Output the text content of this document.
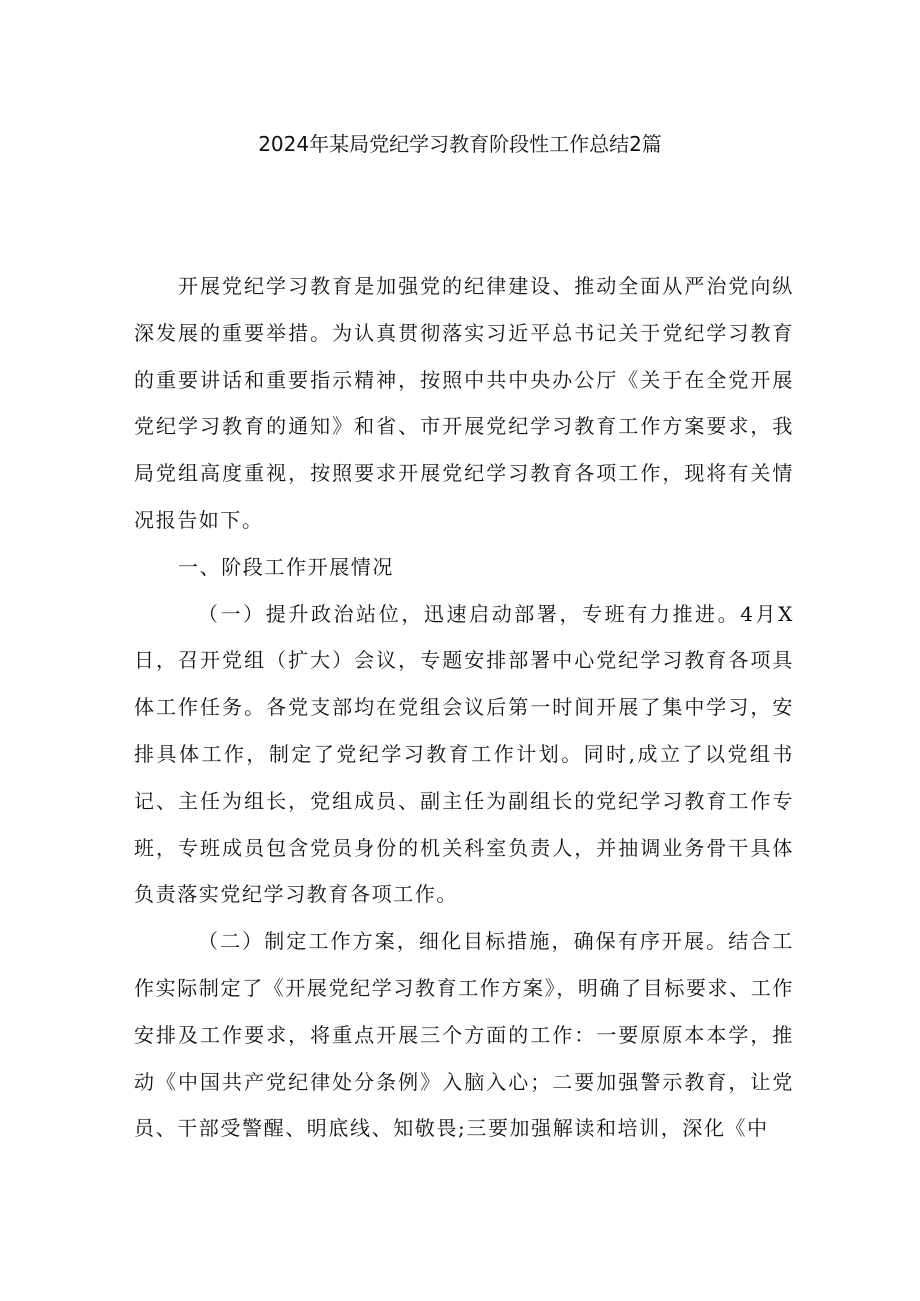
2024年某局党纪学习教育阶段性工作总结2篇

开展党纪学习教育是加强党的纪律建设、推动全面从严治党向纵深发展的重要举措。为认真贯彻落实习近平总书记关于党纪学习教育的重要讲话和重要指示精神，按照中共中央办公厅《关于在全党开展党纪学习教育的通知》和省、市开展党纪学习教育工作方案要求，我局党组高度重视，按照要求开展党纪学习教育各项工作，现将有关情况报告如下。

一、阶段工作开展情况

（一）提升政治站位，迅速启动部署，专班有力推进。4月X日，召开党组（扩大）会议，专题安排部署中心党纪学习教育各项具体工作任务。各党支部均在党组会议后第一时间开展了集中学习，安排具体工作，制定了党纪学习教育工作计划。同时,成立了以党组书记、主任为组长，党组成员、副主任为副组长的党纪学习教育工作专班，专班成员包含党员身份的机关科室负责人，并抽调业务骨干具体负责落实党纪学习教育各项工作。

（二）制定工作方案，细化目标措施，确保有序开展。结合工作实际制定了《开展党纪学习教育工作方案》，明确了目标要求、工作安排及工作要求，将重点开展三个方面的工作：一要原原本本学，推动《中国共产党纪律处分条例》入脑入心；二要加强警示教育，让党员、干部受警醒、明底线、知敬畏;三要加强解读和培训，深化《中
